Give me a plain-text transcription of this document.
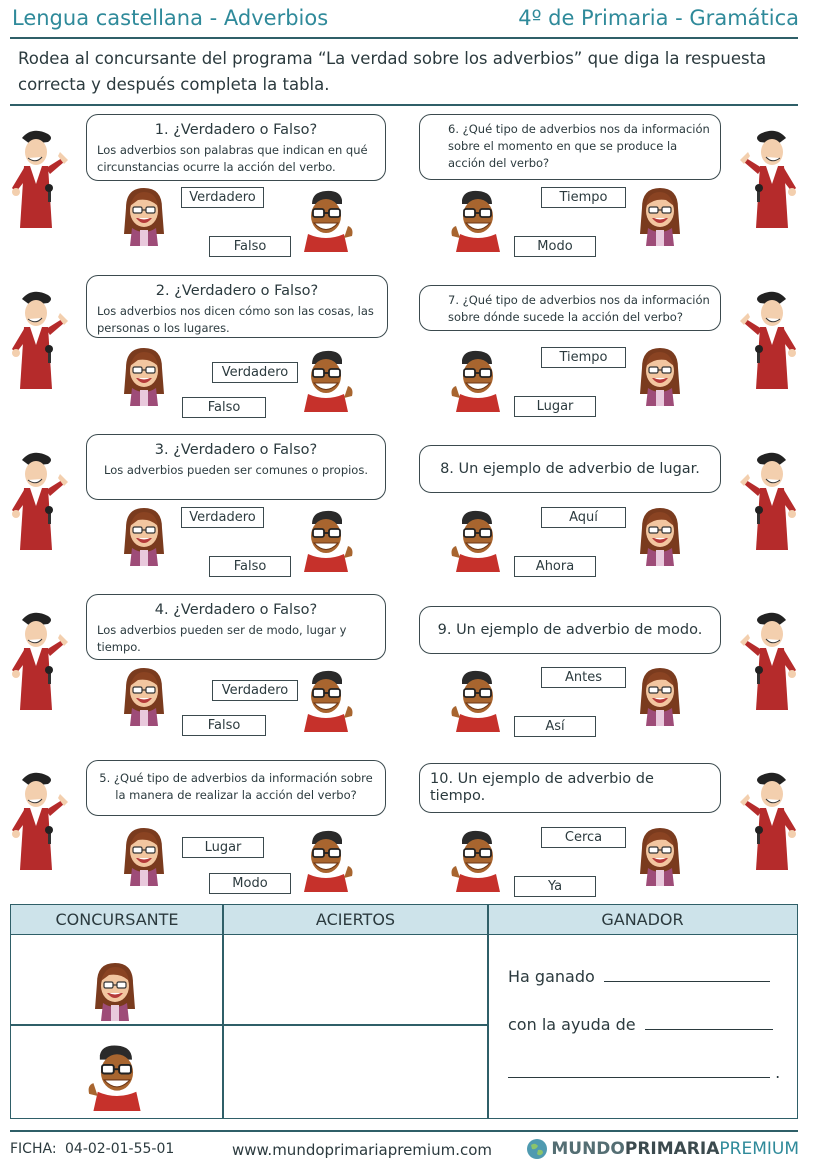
Lengua castellana - Adverbios	4º de Primaria - Gramática
Rodea al concursante del programa “La verdad sobre los adverbios” que diga la respuesta correcta y después completa la tabla.
1. ¿Verdadero o Falso?
Los adverbios son palabras que indican en qué circunstancias ocurre la acción del verbo.
2. ¿Verdadero o Falso?
Los adverbios nos dicen cómo son las cosas, las personas o los lugares.
3. ¿Verdadero o Falso?
Los adverbios pueden ser comunes o propios.
4. ¿Verdadero o Falso?
Los adverbios pueden ser de modo, lugar y tiempo.
5. ¿Qué tipo de adverbios da información sobre la manera de realizar la acción del verbo?
6. ¿Qué tipo de adverbios nos da información sobre el momento en que se produce la acción del verbo?
7. ¿Qué tipo de adverbios nos da información sobre dónde sucede la acción del verbo?
8. Un ejemplo de adverbio de lugar.
9. Un ejemplo de adverbio de modo.
10. Un ejemplo de adverbio de tiempo.
Verdadero
Falso
Verdadero
Falso
Verdadero
Falso
Verdadero
Falso
Lugar
Modo
Tiempo
Modo
Tiempo
Lugar
Aquí
Ahora
Antes
Así
Cerca
Ya
CONCURSANTE	ACIERTOS	GANADOR
Ha ganado
con la ayuda de
.
FICHA: 04-02-01-55-01	www.mundoprimariapremium.com	MUNDO PRIMARIA PREMIUM
